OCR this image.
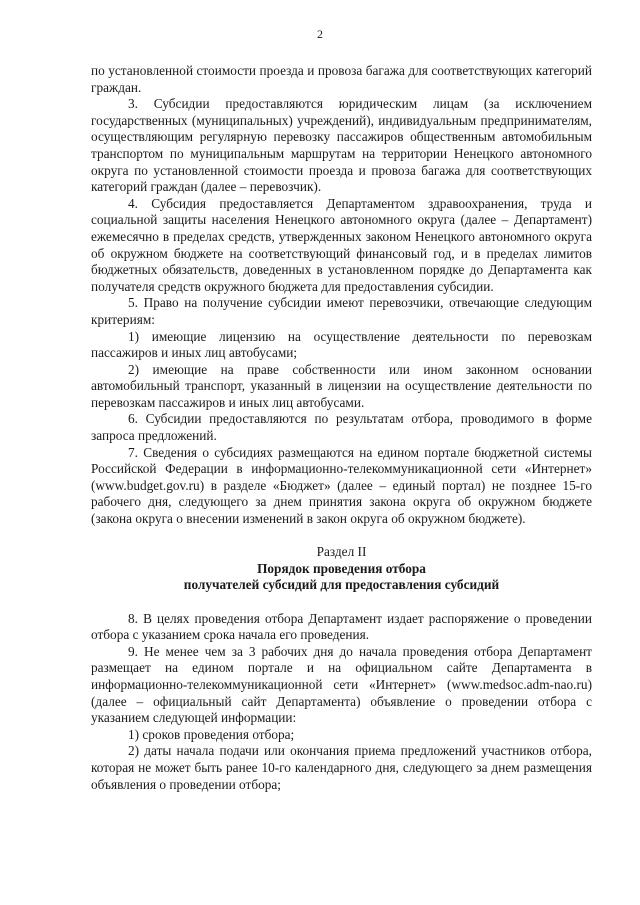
2

по установленной стоимости проезда и провоза багажа для соответствующих категорий граждан.

3. Субсидии предоставляются юридическим лицам (за исключением государственных (муниципальных) учреждений), индивидуальным предпринимателям, осуществляющим регулярную перевозку пассажиров общественным автомобильным транспортом по муниципальным маршрутам на территории Ненецкого автономного округа по установленной стоимости проезда и провоза багажа для соответствующих категорий граждан (далее – перевозчик).

4. Субсидия предоставляется Департаментом здравоохранения, труда и социальной защиты населения Ненецкого автономного округа (далее – Департамент) ежемесячно в пределах средств, утвержденных законом Ненецкого автономного округа об окружном бюджете на соответствующий финансовый год, и в пределах лимитов бюджетных обязательств, доведенных в установленном порядке до Департамента как получателя средств окружного бюджета для предоставления субсидии.

5. Право на получение субсидии имеют перевозчики, отвечающие следующим критериям:

1) имеющие лицензию на осуществление деятельности по перевозкам пассажиров и иных лиц автобусами;

2) имеющие на праве собственности или ином законном основании автомобильный транспорт, указанный в лицензии на осуществление деятельности по перевозкам пассажиров и иных лиц автобусами.

6. Субсидии предоставляются по результатам отбора, проводимого в форме запроса предложений.

7. Сведения о субсидиях размещаются на едином портале бюджетной системы Российской Федерации в информационно-телекоммуникационной сети «Интернет» (www.budget.gov.ru) в разделе «Бюджет» (далее – единый портал) не позднее 15-го рабочего дня, следующего за днем принятия закона округа об окружном бюджете (закона округа о внесении изменений в закон округа об окружном бюджете).

Раздел II

Порядок проведения отбора

получателей субсидий для предоставления субсидий

8. В целях проведения отбора Департамент издает распоряжение о проведении отбора с указанием срока начала его проведения.

9. Не менее чем за 3 рабочих дня до начала проведения отбора Департамент размещает на едином портале и на официальном сайте Департамента в информационно-телекоммуникационной сети «Интернет» (www.medsoc.adm-nao.ru) (далее – официальный сайт Департамента) объявление о проведении отбора с указанием следующей информации:

1) сроков проведения отбора;

2) даты начала подачи или окончания приема предложений участников отбора, которая не может быть ранее 10-го календарного дня, следующего за днем размещения объявления о проведении отбора;
